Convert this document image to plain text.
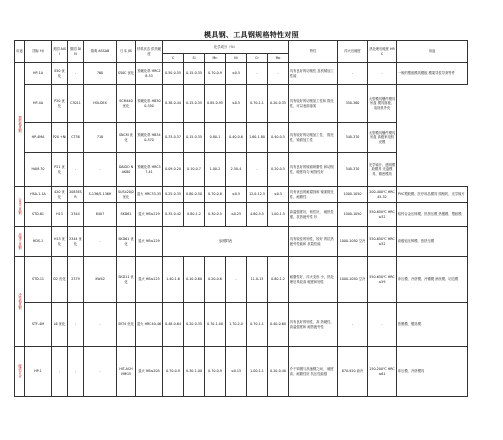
模具钢、工具钢规格特性对照
用途	国标 HJ	美国 AISI	德国 DIN	瑞典 ASSAB	日本 JIS	材料状态 供货硬度	化学成分（%）						特性	淬火后硬度	热处理后硬度 HRC	用途
							C	Si	Mn	Ni	Cr	Mo				
塑料模具钢	HP-1A	S50 优化	-	760	S50C 优化	预硬化料 HRC28-33	0.50-0.55	0.15-0.35	0.70-0.9	≤0.5	-	-	具有良好的切削性 及机械加工性能	-	-	一般的塑胶模具模板 模架导柱导套等件
	HP-4A	P20 优化	C3011	HOLDEX	SCM440 优化	预硬化料 HB300-350	0.38-0.44	0.15-0.35	0.85-0.95	≤0.5	0.70-1.1	0.20-0.35	具有较好的切削加工性和 抛光性，可以表面渗氮	350-360	大型模具镶件模具吊盘 模具面板、电视机外壳	
	HP-4MA	P20 +Ni	CT38	718	SNCM 优化	预硬化料 HB340-370	0.33-0.37	0.15-0.35	0.80-1	0.40-0.6	1.60-1.80	0.40-0.5	具有较好的切削加工性、 抛光性、镜面加工性	340-370	大型模具镶件模具吊盘 高级家电机壳模	
	HAM-70	P21 优化	-	-	DAIDO NAK80	预硬化料 HRC37-41	0.09-0.20	0.10-0.7	1.00-2	2.50-4	-	0.20-0.5	具有良好的镜面研磨性 和切削性，硬度均匀 耐蚀性好	340-370	光学镜片、透明塑胶模具 光盘模具、精密模具	
合金工具钢	HSA-1-1A	420 优化	2083ESR	S-136/S-136H	SUS420J2 优化	退火 HRC33-35	0.25-0.35	0.80-0.50	0.70-0.8	≤0.5	12.0-12.5	≤0.5	具有优良的耐腐蚀和 镜面抛光性、耐磨性	1000-1050	200-400℃ HRC45-52	PVC塑胶模、医疗用品模具 照相机、光学镜片
	STD-61	H13	2344	8407	SKD61	退火 HB≤229	0.35-0.42	0.80-1.2	0.30-0.5	≤0.25	4.80-5.5	1.00-1.5	高温强度好，韧性好， 耐热性强，抗热疲劳性 好	1000-1050	550-650℃ HRC≤52	铝锌合金压铸模、热挤压模 热锻模、塑胶模
高速工具钢	HDS-1	H13 优化	2344 优化	-	SKD61 优化	退火 HB≤229	参照附表						具有较佳的韧性，较好 的抗热疲劳性能和 抗裂性能	1000-1050 空冷	550-650℃ HRC≤52	高级铝压铸模、热挤压模
冷作模具钢	STD-11	D2 优化	2379	XW42	SKD11 优化	退火 HB≤225	1.40-1.6	0.10-0.60	0.20-0.6	-	11.0-13	0.80-1.2	耐磨性好，淬火变形 小，热处理后具较高 硬度和韧性	1000-1050 空冷	550-650℃ HRC≤59	冲压模、冷挤模、冷镦模 滚丝模、切边模
	STF-4M	L6 优化	-	-	SKT4 优化	退火 HRC40-46	0.48-0.64	0.20-0.35	0.70-1.00	1.70-2.0	0.70-1.1	0.40-0.60	具有良好的韧性、高 热硬性、高温强度和 耐热疲劳性	-	-	热锻模、锻造模
硬质合金	HP-1	-	-	-	HIT-ACH HMG5	退火 HB≤205	0.70-0.9	0.30-1.00	0.70-0.9	≤0.15	1.00-1.1	0.20-0.40	介于钨钢与高速钢之间， 硬度高，耐磨性好 抗压性能强	870-920 油冷	150-200℃ HRC≤61	冲压模、冷挤模具
